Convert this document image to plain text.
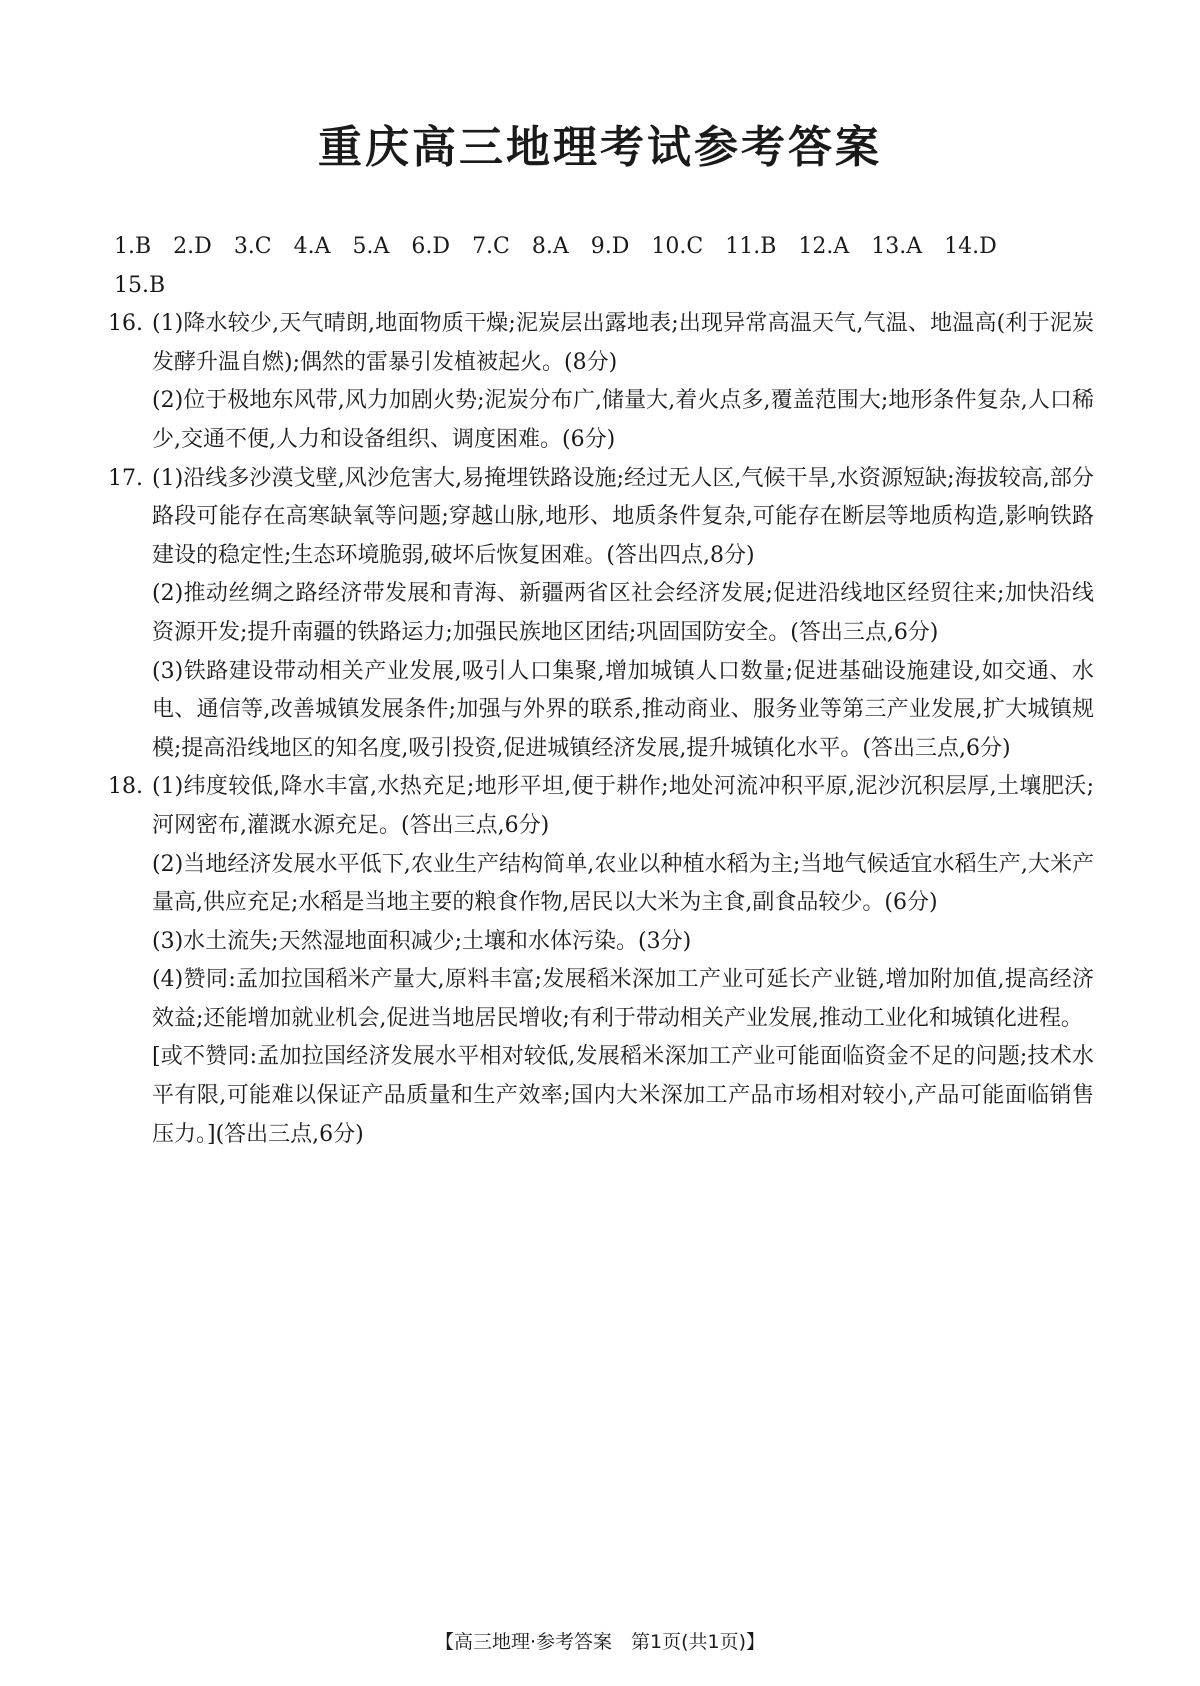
重庆高三地理考试参考答案
1.B 2.D 3.C 4.A 5.A 6.D 7.C 8.A 9.D 10.C 11.B 12.A 13.A 14.D
15.B
16. (1)降水较少,天气晴朗,地面物质干燥;泥炭层出露地表;出现异常高温天气,气温、地温高(利于泥炭发酵升温自燃);偶然的雷暴引发植被起火。(8分)
(2)位于极地东风带,风力加剧火势;泥炭分布广,储量大,着火点多,覆盖范围大;地形条件复杂,人口稀少,交通不便,人力和设备组织、调度困难。(6分)
17. (1)沿线多沙漠戈壁,风沙危害大,易掩埋铁路设施;经过无人区,气候干旱,水资源短缺;海拔较高,部分路段可能存在高寒缺氧等问题;穿越山脉,地形、地质条件复杂,可能存在断层等地质构造,影响铁路建设的稳定性;生态环境脆弱,破坏后恢复困难。(答出四点,8分)
(2)推动丝绸之路经济带发展和青海、新疆两省区社会经济发展;促进沿线地区经贸往来;加快沿线资源开发;提升南疆的铁路运力;加强民族地区团结;巩固国防安全。(答出三点,6分)
(3)铁路建设带动相关产业发展,吸引人口集聚,增加城镇人口数量;促进基础设施建设,如交通、水电、通信等,改善城镇发展条件;加强与外界的联系,推动商业、服务业等第三产业发展,扩大城镇规模;提高沿线地区的知名度,吸引投资,促进城镇经济发展,提升城镇化水平。(答出三点,6分)
18. (1)纬度较低,降水丰富,水热充足;地形平坦,便于耕作;地处河流冲积平原,泥沙沉积层厚,土壤肥沃;河网密布,灌溉水源充足。(答出三点,6分)
(2)当地经济发展水平低下,农业生产结构简单,农业以种植水稻为主;当地气候适宜水稻生产,大米产量高,供应充足;水稻是当地主要的粮食作物,居民以大米为主食,副食品较少。(6分)
(3)水土流失;天然湿地面积减少;土壤和水体污染。(3分)
(4)赞同:孟加拉国稻米产量大,原料丰富;发展稻米深加工产业可延长产业链,增加附加值,提高经济效益;还能增加就业机会,促进当地居民增收;有利于带动相关产业发展,推动工业化和城镇化进程。
[或不赞同:孟加拉国经济发展水平相对较低,发展稻米深加工产业可能面临资金不足的问题;技术水平有限,可能难以保证产品质量和生产效率;国内大米深加工产品市场相对较小,产品可能面临销售压力。](答出三点,6分)
【高三地理·参考答案　第1页(共1页)】
